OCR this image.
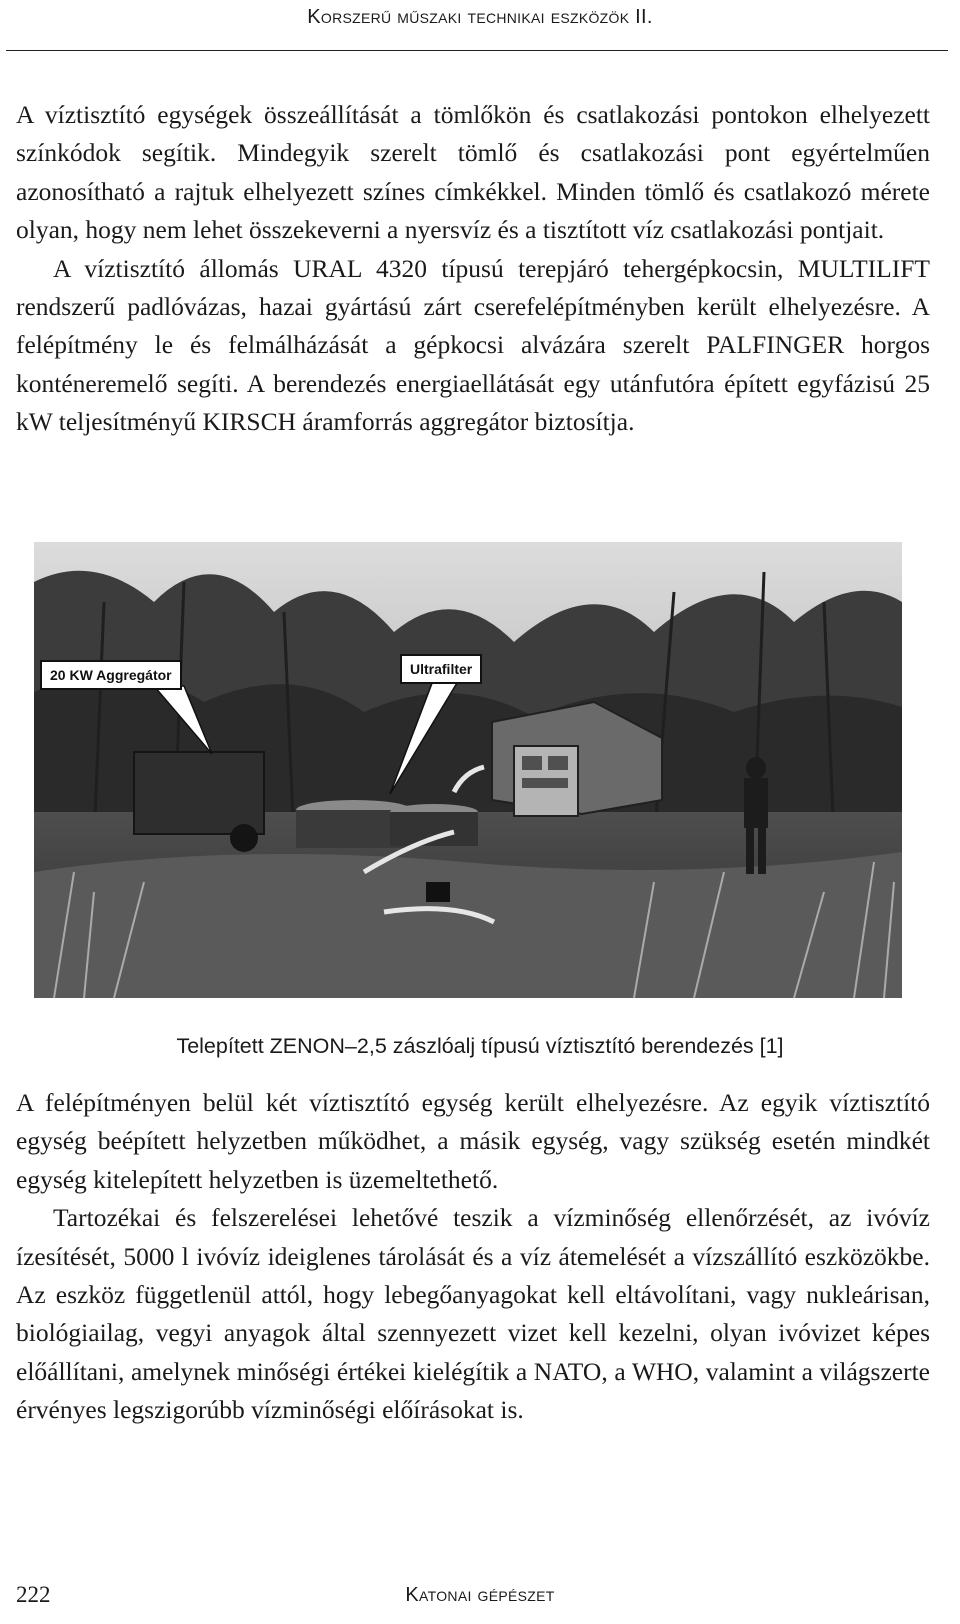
Korszerű műszaki technikai eszközök II.

A víztisztító egységek összeállítását a tömlőkön és csatlakozási pontokon elhelyezett színkódok segítik. Mindegyik szerelt tömlő és csatlakozási pont egyértelműen azonosítható a rajtuk elhelyezett színes címkékkel. Minden tömlő és csatlakozó mérete olyan, hogy nem lehet összekeverni a nyersvíz és a tisztított víz csatlakozási pontjait.

A víztisztító állomás URAL 4320 típusú terepjáró tehergépkocsin, MULTILIFT rendszerű padlóvázas, hazai gyártású zárt cserefelépítményben került elhelyezésre. A felépítmény le és felmálházását a gépkocsi alvázára szerelt PALFINGER horgos konténeremelő segíti. A berendezés energiaellátását egy utánfutóra épített egyfázisú 25 kW teljesítményű KIRSCH áramforrás aggregátor biztosítja.

20 KW Aggregátor	Ultrafilter
Telepített ZENON–2,5 zászlóalj típusú víztisztító berendezés [1]

A felépítményen belül két víztisztító egység került elhelyezésre. Az egyik víztisztító egység beépített helyzetben működhet, a másik egység, vagy szükség esetén mindkét egység kitelepített helyzetben is üzemeltethető.

Tartozékai és felszerelései lehetővé teszik a vízminőség ellenőrzését, az ivóvíz ízesítését, 5000 l ivóvíz ideiglenes tárolását és a víz átemelését a vízszállító eszközökbe. Az eszköz függetlenül attól, hogy lebegőanyagokat kell eltávolítani, vagy nukleárisan, biológiailag, vegyi anyagok által szennyezett vizet kell kezelni, olyan ivóvizet képes előállítani, amelynek minőségi értékei kielégítik a NATO, a WHO, valamint a világszerte érvényes legszigorúbb vízminőségi előírásokat is.

222	Katonai gépészet
